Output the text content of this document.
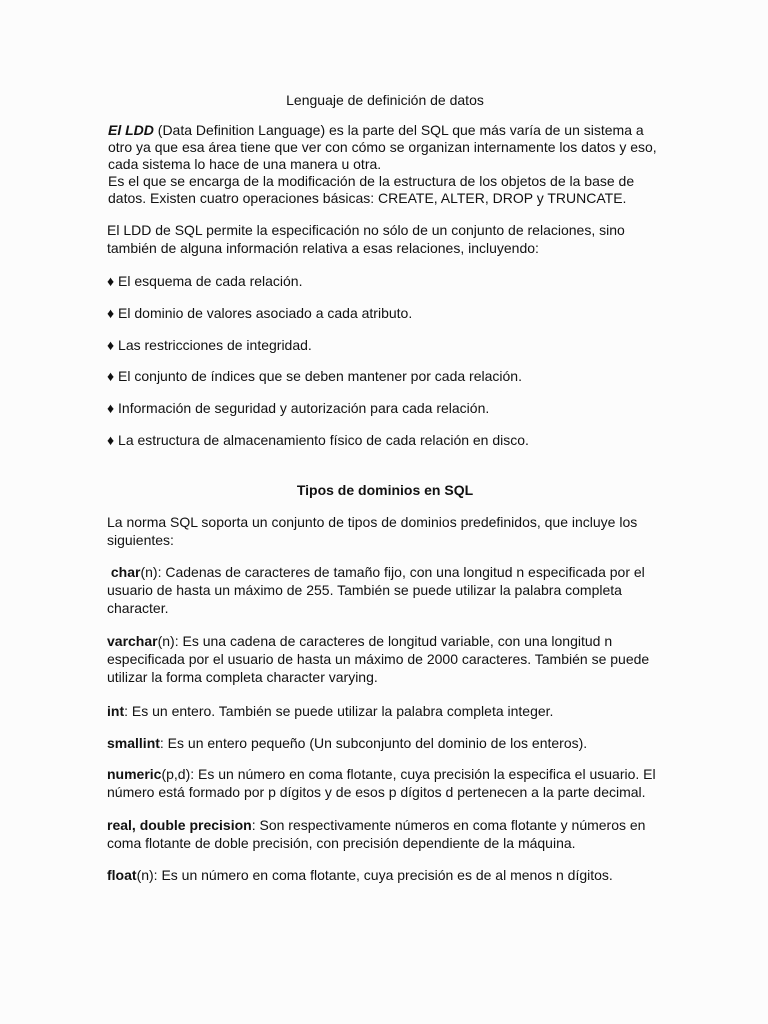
Lenguaje de definición de datos
El LDD (Data Definition Language) es la parte del SQL que más varía de un sistema a
otro ya que esa área tiene que ver con cómo se organizan internamente los datos y eso,
cada sistema lo hace de una manera u otra.
Es el que se encarga de la modificación de la estructura de los objetos de la base de
datos. Existen cuatro operaciones básicas: CREATE, ALTER, DROP y TRUNCATE.
El LDD de SQL permite la especificación no sólo de un conjunto de relaciones, sino
también de alguna información relativa a esas relaciones, incluyendo:
♦ El esquema de cada relación.
♦ El dominio de valores asociado a cada atributo.
♦ Las restricciones de integridad.
♦ El conjunto de índices que se deben mantener por cada relación.
♦ Información de seguridad y autorización para cada relación.
♦ La estructura de almacenamiento físico de cada relación en disco.
Tipos de dominios en SQL
La norma SQL soporta un conjunto de tipos de dominios predefinidos, que incluye los
siguientes:
char(n): Cadenas de caracteres de tamaño fijo, con una longitud n especificada por el
usuario de hasta un máximo de 255. También se puede utilizar la palabra completa
character.
varchar(n): Es una cadena de caracteres de longitud variable, con una longitud n
especificada por el usuario de hasta un máximo de 2000 caracteres. También se puede
utilizar la forma completa character varying.
int: Es un entero. También se puede utilizar la palabra completa integer.
smallint: Es un entero pequeño (Un subconjunto del dominio de los enteros).
numeric(p,d): Es un número en coma flotante, cuya precisión la especifica el usuario. El
número está formado por p dígitos y de esos p dígitos d pertenecen a la parte decimal.
real, double precision: Son respectivamente números en coma flotante y números en
coma flotante de doble precisión, con precisión dependiente de la máquina.
float(n): Es un número en coma flotante, cuya precisión es de al menos n dígitos.
